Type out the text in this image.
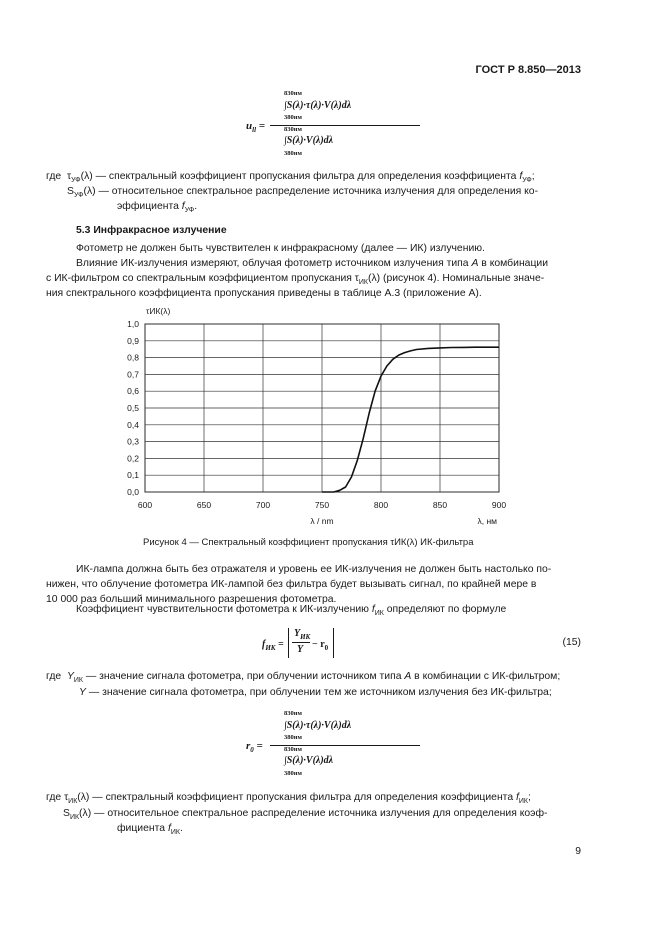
ГОСТ Р 8.850—2013
$u_{ll}$ =
830нм
∫S(λ)·τ(λ)·V(λ)dλ
380нм
830нм
∫S(λ)·V(λ)dλ
380нм
где $\tau_{УФ}(\lambda)$ — спектральный коэффициент пропускания фильтра для определения коэффициента $f_{УФ}$;
$S_{УФ}(\lambda)$ — относительное спектральное распределение источника излучения для определения ко-
эффициента $f_{УФ}$.
5.3 Инфракрасное излучение
Фотометр не должен быть чувствителен к инфракрасному (далее — ИК) излучению.
Влияние ИК-излучения измеряют, облучая фотометр источником излучения типа A в комбинации
с ИК-фильтром со спектральным коэффициентом пропускания $\tau_{ИК}(\lambda)$ (рисунок 4). Номинальные значе-
ния спектрального коэффициента пропускания приведены в таблице А.3 (приложение А).
0,0
0,1
0,2
0,3
0,4
0,5
0,6
0,7
0,8
0,9
1,0
600	650	700	750	800	850	900
τИК(λ)
λ / nm	λ, нм
Рисунок 4 — Спектральный коэффициент пропускания τИК(λ) ИК-фильтра
ИК-лампа должна быть без отражателя и уровень ее ИК-излучения не должен быть настолько по-
нижен, что облучение фотометра ИК-лампой без фильтра будет вызывать сигнал, по крайней мере в
10 000 раз больший минимального разрешения фотометра.
Коэффициент чувствительности фотометра к ИК-излучению $f_{ИК}$ определяют по формуле
$f_{ИК}$ =
$Y_{ИК}$
$Y - r_0$	(15)
где $Y_{ИК}$ — значение сигнала фотометра, при облучении источником типа A в комбинации с ИК-фильтром;
Y — значение сигнала фотометра, при облучении тем же источником излучения без ИК-фильтра;
$r_0$ =
830нм
∫S(λ)·τ(λ)·V(λ)dλ
380нм
830нм
∫S(λ)·V(λ)dλ
380нм
где $\tau_{ИК}(\lambda)$ — спектральный коэффициент пропускания фильтра для определения коэффициента $f_{ИК}$;
$S_{ИК}(\lambda)$ — относительное спектральное распределение источника излучения для определения коэф-
фициента $f_{ИК}$.
9
